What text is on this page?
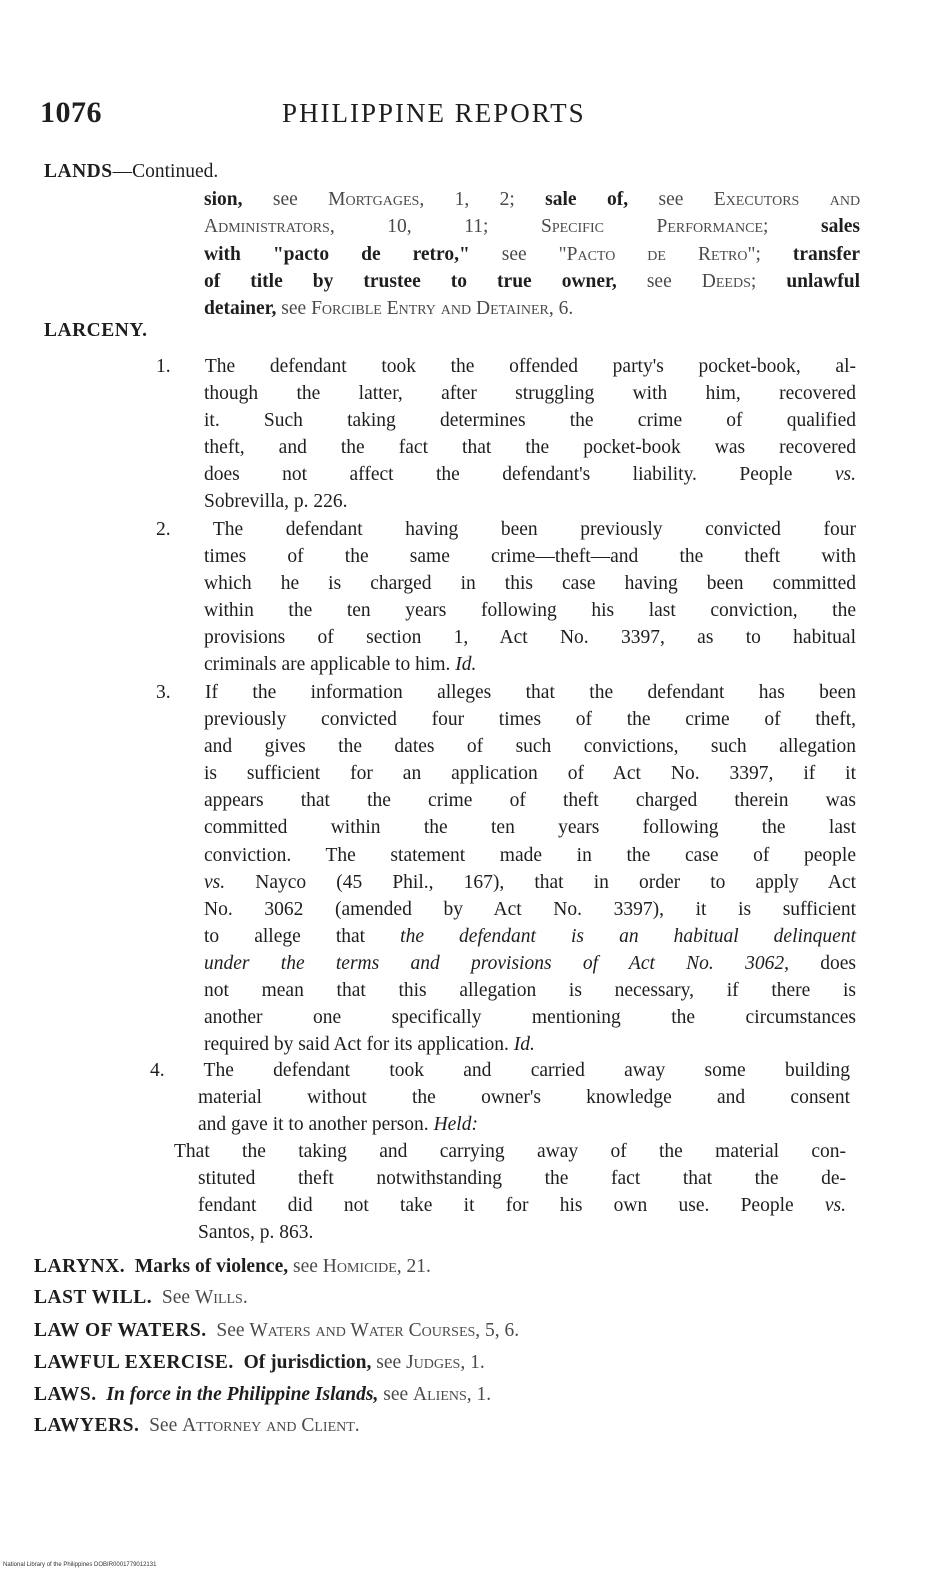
1076	PHILIPPINE REPORTS
LANDS—Continued.
sion, see Mortgages, 1, 2; sale of, see Executors and
Administrators, 10, 11;	Specific Performance;	sales
with "pacto de retro," see "Pacto de Retro"; transfer
of title by trustee to true owner, see Deeds; unlawful
detainer, see Forcible Entry and Detainer, 6.
LARCENY.
1. The defendant took the offended party's pocket-book, al-
though the latter, after struggling with him, recovered
it. Such taking determines the crime of qualified
theft, and the fact that the pocket-book was recovered
does not affect the defendant's liability. People vs.
Sobrevilla, p. 226.
2. The defendant having been previously convicted four
times of the same crime—theft—and the theft with
which he is charged in this case having been committed
within the ten years following his last conviction, the
provisions of section 1, Act No. 3397, as to habitual
criminals are applicable to him. Id.
3. If the information alleges that the defendant has been
previously convicted four times of the crime of theft,
and gives the dates of such convictions, such allegation
is sufficient for an application of Act No. 3397, if it
appears that the crime of theft charged therein was
committed within the ten years following the last
conviction. The statement made in the case of people
vs. Nayco (45 Phil., 167), that in order to apply Act
No. 3062 (amended by Act No. 3397), it is sufficient
to allege that the defendant is an habitual delinquent
under the terms and provisions of Act No. 3062, does
not mean that this allegation is necessary, if there is
another one specifically mentioning the circumstances
required by said Act for its application. Id.
4. The defendant took and carried away some building
material without the owner's knowledge and consent
and gave it to another person. Held:
That the taking and carrying away of the material con-
stituted theft notwithstanding the fact that the de-
fendant did not take it for his own use. People vs.
Santos, p. 863.
LARYNX. Marks of violence, see Homicide, 21.
LAST WILL. See Wills.
LAW OF WATERS. See Waters and Water Courses, 5, 6.
LAWFUL EXERCISE. Of jurisdiction, see Judges, 1.
LAWS. In force in the Philippine Islands, see Aliens, 1.
LAWYERS. See Attorney and Client.
National Library of the Philippines DOBIR0001779012131
